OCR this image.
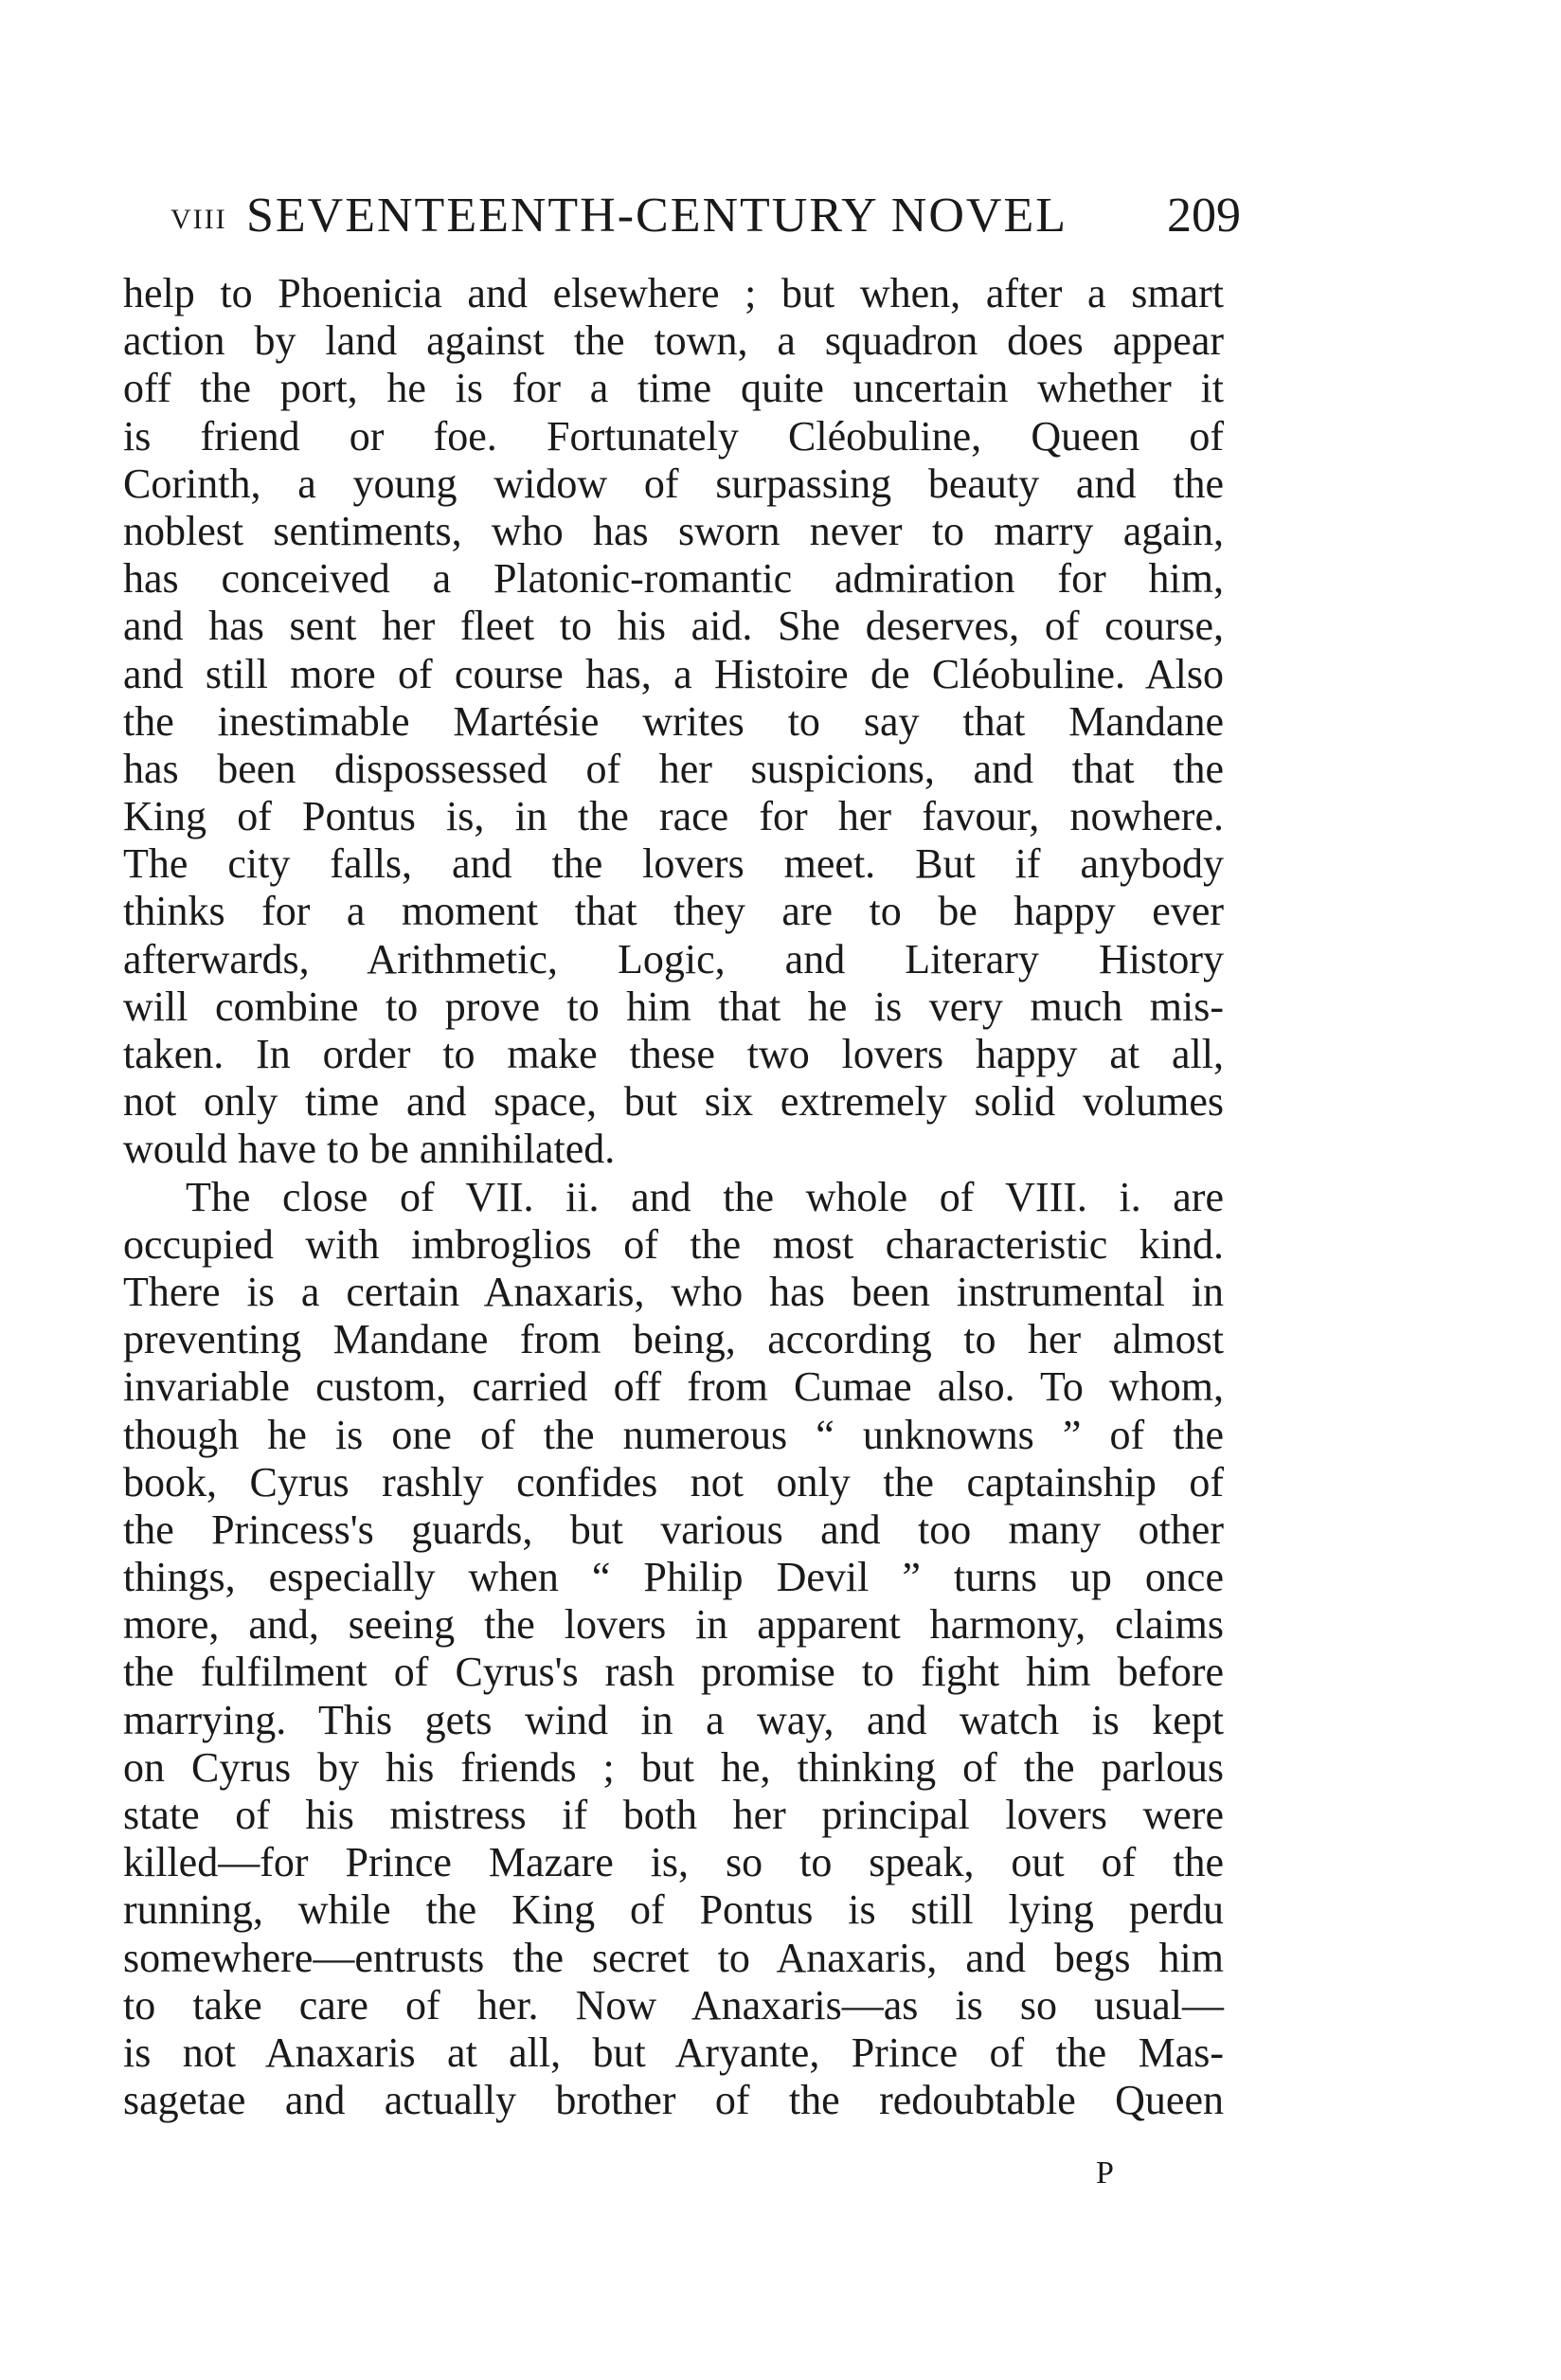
VIII SEVENTEENTH-CENTURY NOVEL 209
help to Phoenicia and elsewhere ; but when, after a smart
action by land against the town, a squadron does appear
off the port, he is for a time quite uncertain whether it
is friend or foe. Fortunately Cléobuline, Queen of
Corinth, a young widow of surpassing beauty and the
noblest sentiments, who has sworn never to marry again,
has conceived a Platonic-romantic admiration for him,
and has sent her fleet to his aid. She deserves, of course,
and still more of course has, a Histoire de Cléobuline. Also
the inestimable Martésie writes to say that Mandane
has been dispossessed of her suspicions, and that the
King of Pontus is, in the race for her favour, nowhere.
The city falls, and the lovers meet. But if anybody
thinks for a moment that they are to be happy ever
afterwards, Arithmetic, Logic, and Literary History
will combine to prove to him that he is very much mis-
taken. In order to make these two lovers happy at all,
not only time and space, but six extremely solid volumes
would have to be annihilated.
The close of VII. ii. and the whole of VIII. i. are
occupied with imbroglios of the most characteristic kind.
There is a certain Anaxaris, who has been instrumental in
preventing Mandane from being, according to her almost
invariable custom, carried off from Cumae also. To whom,
though he is one of the numerous “ unknowns ” of the
book, Cyrus rashly confides not only the captainship of
the Princess's guards, but various and too many other
things, especially when “ Philip Devil ” turns up once
more, and, seeing the lovers in apparent harmony, claims
the fulfilment of Cyrus's rash promise to fight him before
marrying. This gets wind in a way, and watch is kept
on Cyrus by his friends ; but he, thinking of the parlous
state of his mistress if both her principal lovers were
killed—for Prince Mazare is, so to speak, out of the
running, while the King of Pontus is still lying perdu
somewhere—entrusts the secret to Anaxaris, and begs him
to take care of her. Now Anaxaris—as is so usual—
is not Anaxaris at all, but Aryante, Prince of the Mas-
sagetae and actually brother of the redoubtable Queen
P
